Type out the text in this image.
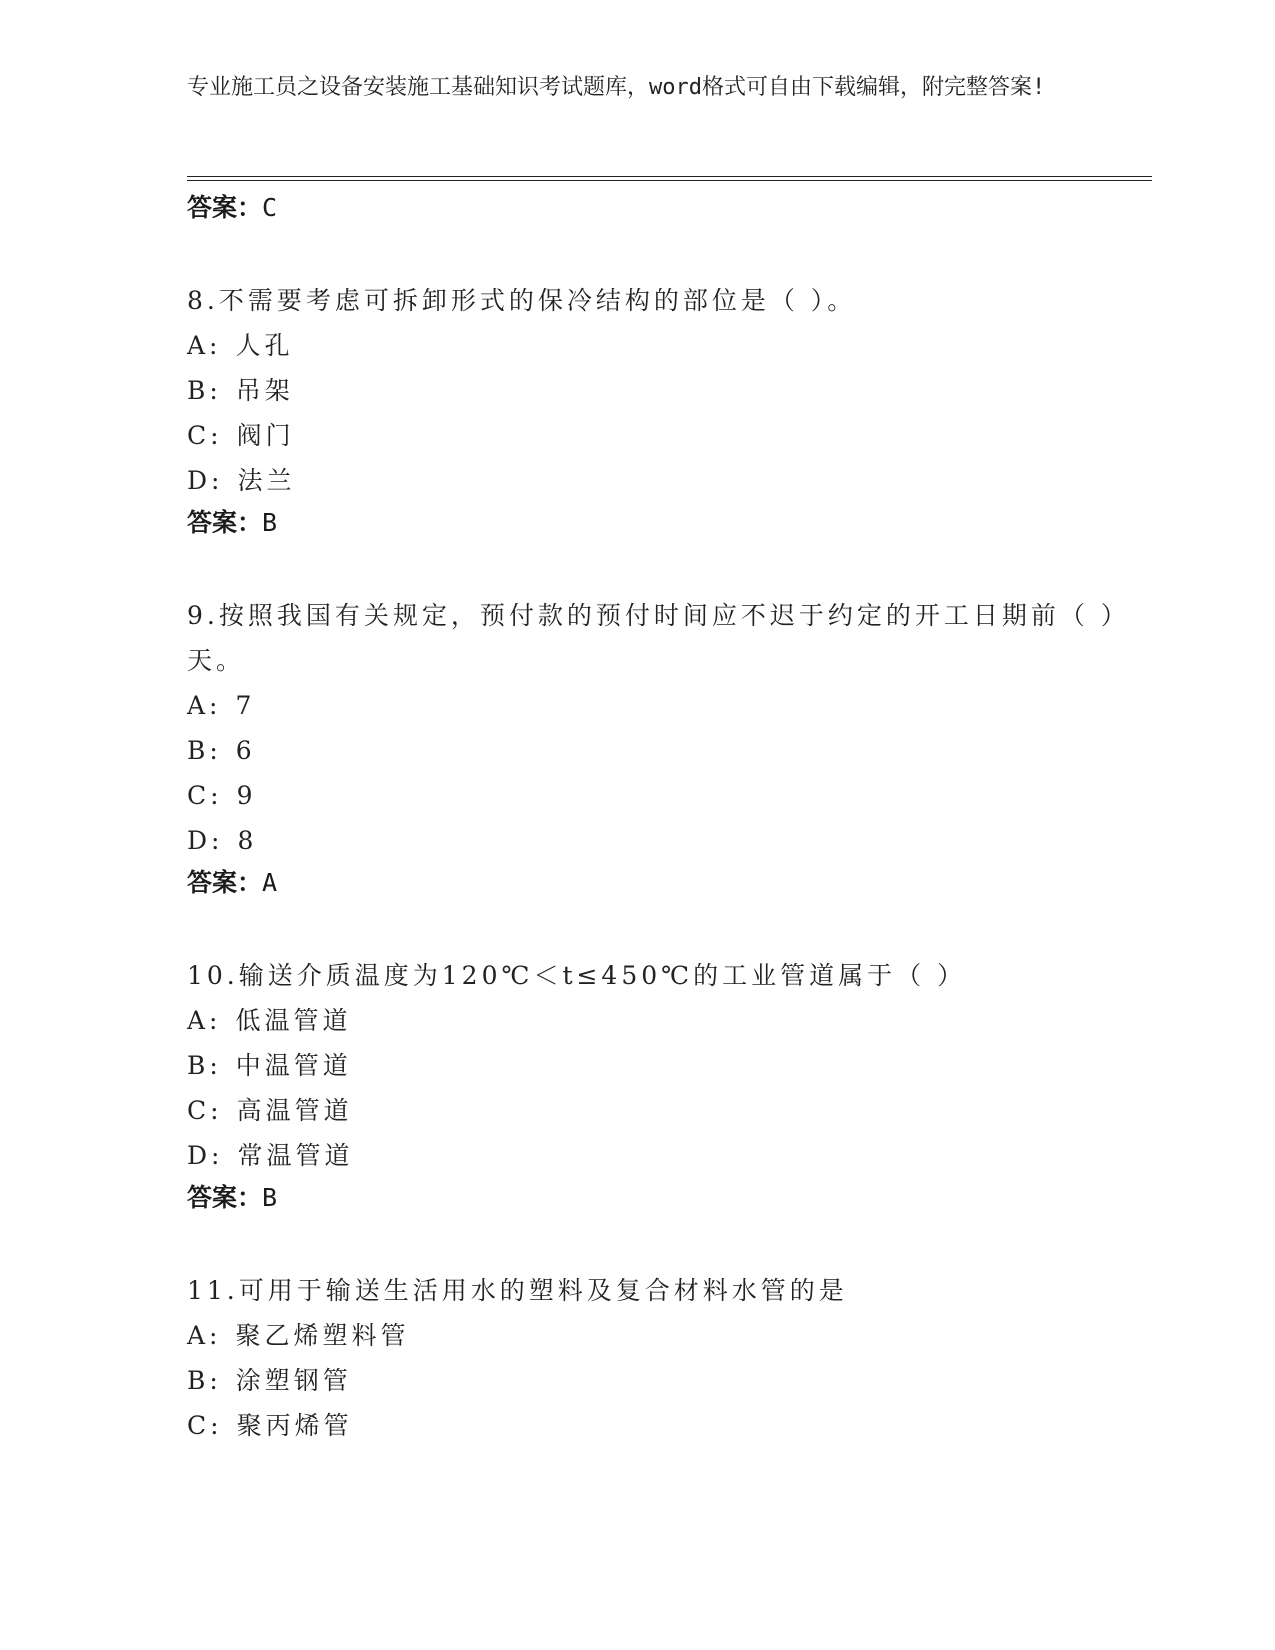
专业施工员之设备安装施工基础知识考试题库，word格式可自由下载编辑，附完整答案!
答案：C
8.不需要考虑可拆卸形式的保冷结构的部位是（ ）。
A: 人孔
B: 吊架
C: 阀门
D: 法兰
答案：B
9.按照我国有关规定，预付款的预付时间应不迟于约定的开工日期前（ ）天。
A: 7
B: 6
C: 9
D: 8
答案：A
10.输送介质温度为120℃＜t≤450℃的工业管道属于（ ）
A: 低温管道
B: 中温管道
C: 高温管道
D: 常温管道
答案：B
11.可用于输送生活用水的塑料及复合材料水管的是
A: 聚乙烯塑料管
B: 涂塑钢管
C: 聚丙烯管
